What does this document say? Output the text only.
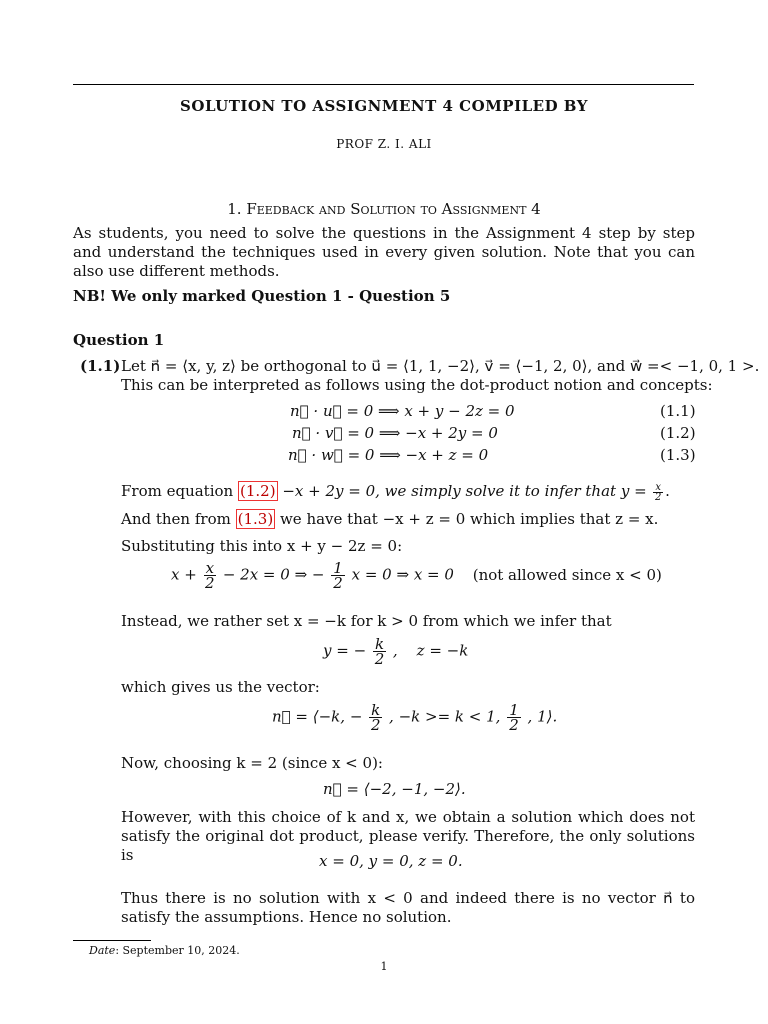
SOLUTION TO ASSIGNMENT 4 COMPILED BY
PROF Z. I. ALI
1. Feedback and Solution to Assignment 4
As students, you need to solve the questions in the Assignment 4 step by step and understand the techniques used in every given solution. Note that you can also use different methods.
NB! We only marked Question 1 - Question 5
Question 1
(1.1) Let n⃗ = ⟨x, y, z⟩ be orthogonal to u⃗ = ⟨1, 1, −2⟩, v⃗ = ⟨−1, 2, 0⟩, and w⃗ =< −1, 0, 1 >.
This can be interpreted as follows using the dot-product notion and concepts:
n⃗ · u⃗ = 0 ⟹ x + y − 2z = 0	(1.1)
n⃗ · v⃗ = 0 ⟹ −x + 2y = 0	(1.2)
n⃗ · w⃗ = 0 ⟹ −x + z = 0	(1.3)
From equation (1.2) −x + 2y = 0, we simply solve it to infer that $y = \frac{x}{2}$ .
And then from (1.3) we have that −x + z = 0 which implies that z = x.
Substituting this into x + y − 2z = 0:
$x + \frac{x}{2} - 2x = 0$ ⇒ − $\frac{1}{2}$ x = 0 ⇒ x = 0 (not allowed since x < 0)
Instead, we rather set x = −k for k > 0 from which we infer that
y = − $\frac{k}{2}$ ,    z = −k
which gives us the vector:
n⃗ = ⟨−k, − $\frac{k}{2}$ , −k >= k < 1, $\frac{1}{2}$ , 1⟩.
Now, choosing k = 2 (since x < 0):
n⃗ = ⟨−2, −1, −2⟩.
However, with this choice of k and x, we obtain a solution which does not satisfy the original dot product, please verify. Therefore, the only solutions is	x = 0, y = 0, z = 0.
Thus there is no solution with x < 0 and indeed there is no vector n⃗ to satisfy the assumptions. Hence no solution.
Date: September 10, 2024.
1
